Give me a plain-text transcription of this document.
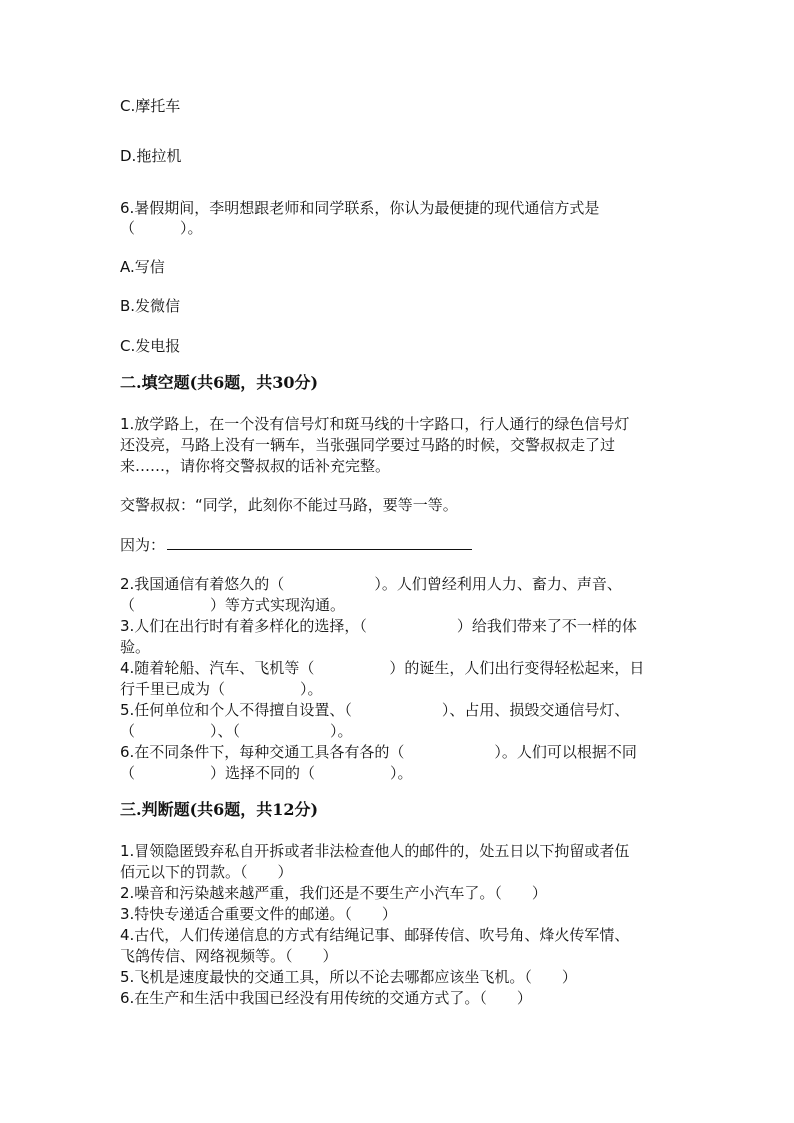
C.摩托车
D.拖拉机
6.暑假期间，李明想跟老师和同学联系，你认为最便捷的现代通信方式是
（　　　）。
A.写信
B.发微信
C.发电报
二.填空题(共6题，共30分)
1.放学路上，在一个没有信号灯和斑马线的十字路口，行人通行的绿色信号灯
还没亮，马路上没有一辆车，当张强同学要过马路的时候，交警叔叔走了过
来……，请你将交警叔叔的话补充完整。
交警叔叔：“同学，此刻你不能过马路，要等一等。
因为：
2.我国通信有着悠久的（　　　　　　）。人们曾经利用人力、畜力、声音、
（　　　　　）等方式实现沟通。
3.人们在出行时有着多样化的选择，（　　　　　　）给我们带来了不一样的体
验。
4.随着轮船、汽车、飞机等（　　　　　）的诞生，人们出行变得轻松起来，日
行千里已成为（　　　　　）。
5.任何单位和个人不得擅自设置、（　　　　　　）、占用、损毁交通信号灯、
（　　　　　）、（　　　　　　）。
6.在不同条件下，每种交通工具各有各的（　　　　　　）。人们可以根据不同
（　　　　　）选择不同的（　　　　　）。
三.判断题(共6题，共12分)
1.冒领隐匿毁弃私自开拆或者非法检查他人的邮件的，处五日以下拘留或者伍
佰元以下的罚款。（　　）
2.噪音和污染越来越严重，我们还是不要生产小汽车了。（　　）
3.特快专递适合重要文件的邮递。（　　）
4.古代，人们传递信息的方式有结绳记事、邮驿传信、吹号角、烽火传军情、
飞鸽传信、网络视频等。（　　）
5.飞机是速度最快的交通工具，所以不论去哪都应该坐飞机。（　　）
6.在生产和生活中我国已经没有用传统的交通方式了。（　　）
